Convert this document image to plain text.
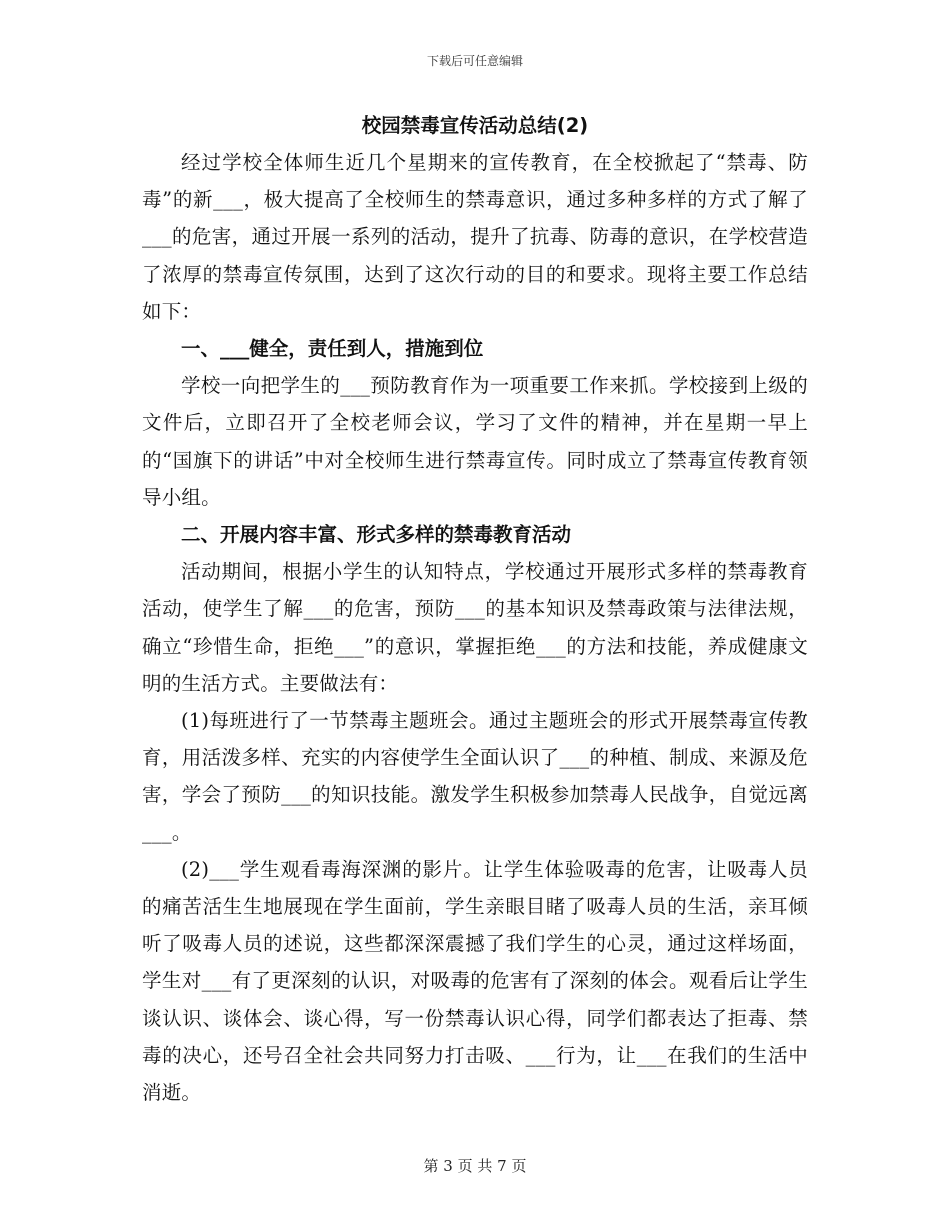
下载后可任意编辑
校园禁毒宣传活动总结(2)

经过学校全体师生近几个星期来的宣传教育，在全校掀起了“禁毒、防毒”的新___，极大提高了全校师生的禁毒意识，通过多种多样的方式了解了___的危害，通过开展一系列的活动，提升了抗毒、防毒的意识，在学校营造了浓厚的禁毒宣传氛围，达到了这次行动的目的和要求。现将主要工作总结如下：

一、___健全，责任到人，措施到位

学校一向把学生的___预防教育作为一项重要工作来抓。学校接到上级的文件后，立即召开了全校老师会议，学习了文件的精神，并在星期一早上的“国旗下的讲话”中对全校师生进行禁毒宣传。同时成立了禁毒宣传教育领导小组。

二、开展内容丰富、形式多样的禁毒教育活动

活动期间，根据小学生的认知特点，学校通过开展形式多样的禁毒教育活动，使学生了解___的危害，预防___的基本知识及禁毒政策与法律法规，确立“珍惜生命，拒绝___”的意识，掌握拒绝___的方法和技能，养成健康文明的生活方式。主要做法有：

(1)每班进行了一节禁毒主题班会。通过主题班会的形式开展禁毒宣传教育，用活泼多样、充实的内容使学生全面认识了___的种植、制成、来源及危害，学会了预防___的知识技能。激发学生积极参加禁毒人民战争，自觉远离___。

(2)___学生观看毒海深渊的影片。让学生体验吸毒的危害，让吸毒人员的痛苦活生生地展现在学生面前，学生亲眼目睹了吸毒人员的生活，亲耳倾听了吸毒人员的述说，这些都深深震撼了我们学生的心灵，通过这样场面，学生对___有了更深刻的认识，对吸毒的危害有了深刻的体会。观看后让学生谈认识、谈体会、谈心得，写一份禁毒认识心得，同学们都表达了拒毒、禁毒的决心，还号召全社会共同努力打击吸、___行为，让___在我们的生活中消逝。

第 3 页 共 7 页
